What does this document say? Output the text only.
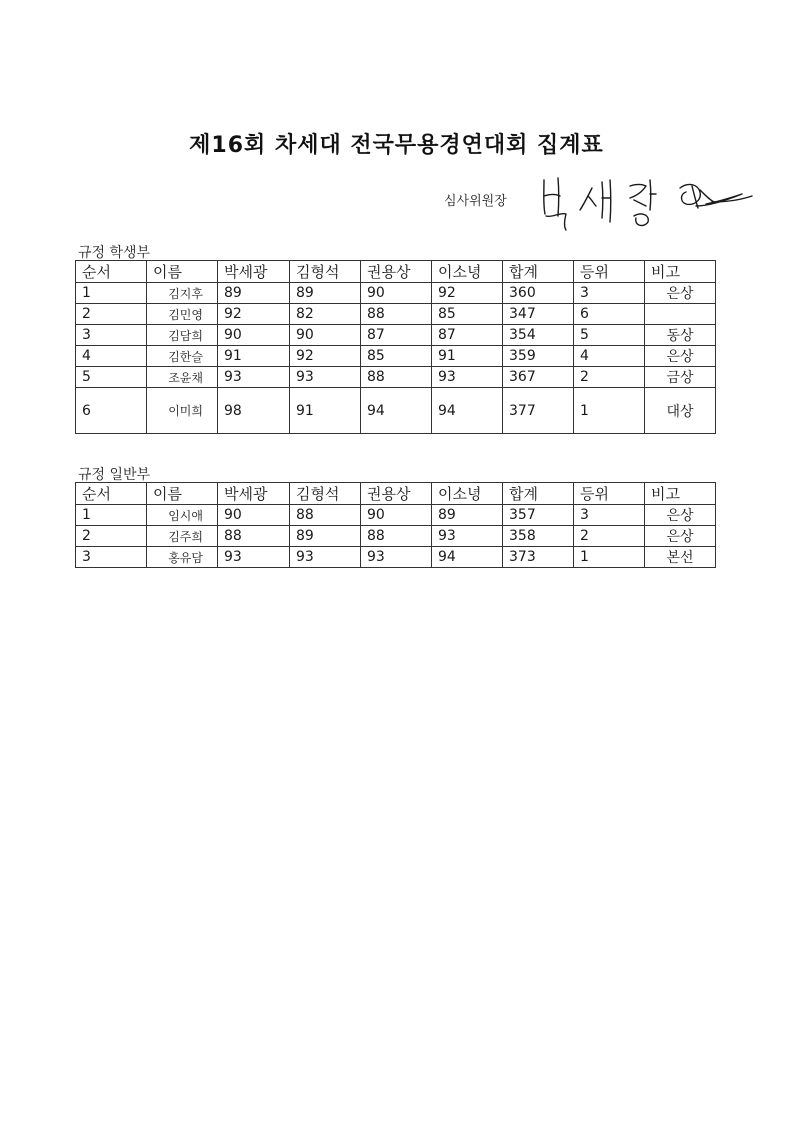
제16회 차세대 전국무용경연대회 집계표
심사위원장
규정 학생부
순서	이름	박세광	김형석	권용상	이소녕	합계	등위	비고
1	김지후	89	89	90	92	360	3	은상
2	김민영	92	82	88	85	347	6	
3	김담희	90	90	87	87	354	5	동상
4	김한슬	91	92	85	91	359	4	은상
5	조윤채	93	93	88	93	367	2	금상
6	이미희	98	91	94	94	377	1	대상
규정 일반부
순서	이름	박세광	김형석	권용상	이소녕	합계	등위	비고
1	임시애	90	88	90	89	357	3	은상
2	김주희	88	89	88	93	358	2	은상
3	홍유담	93	93	93	94	373	1	본선
